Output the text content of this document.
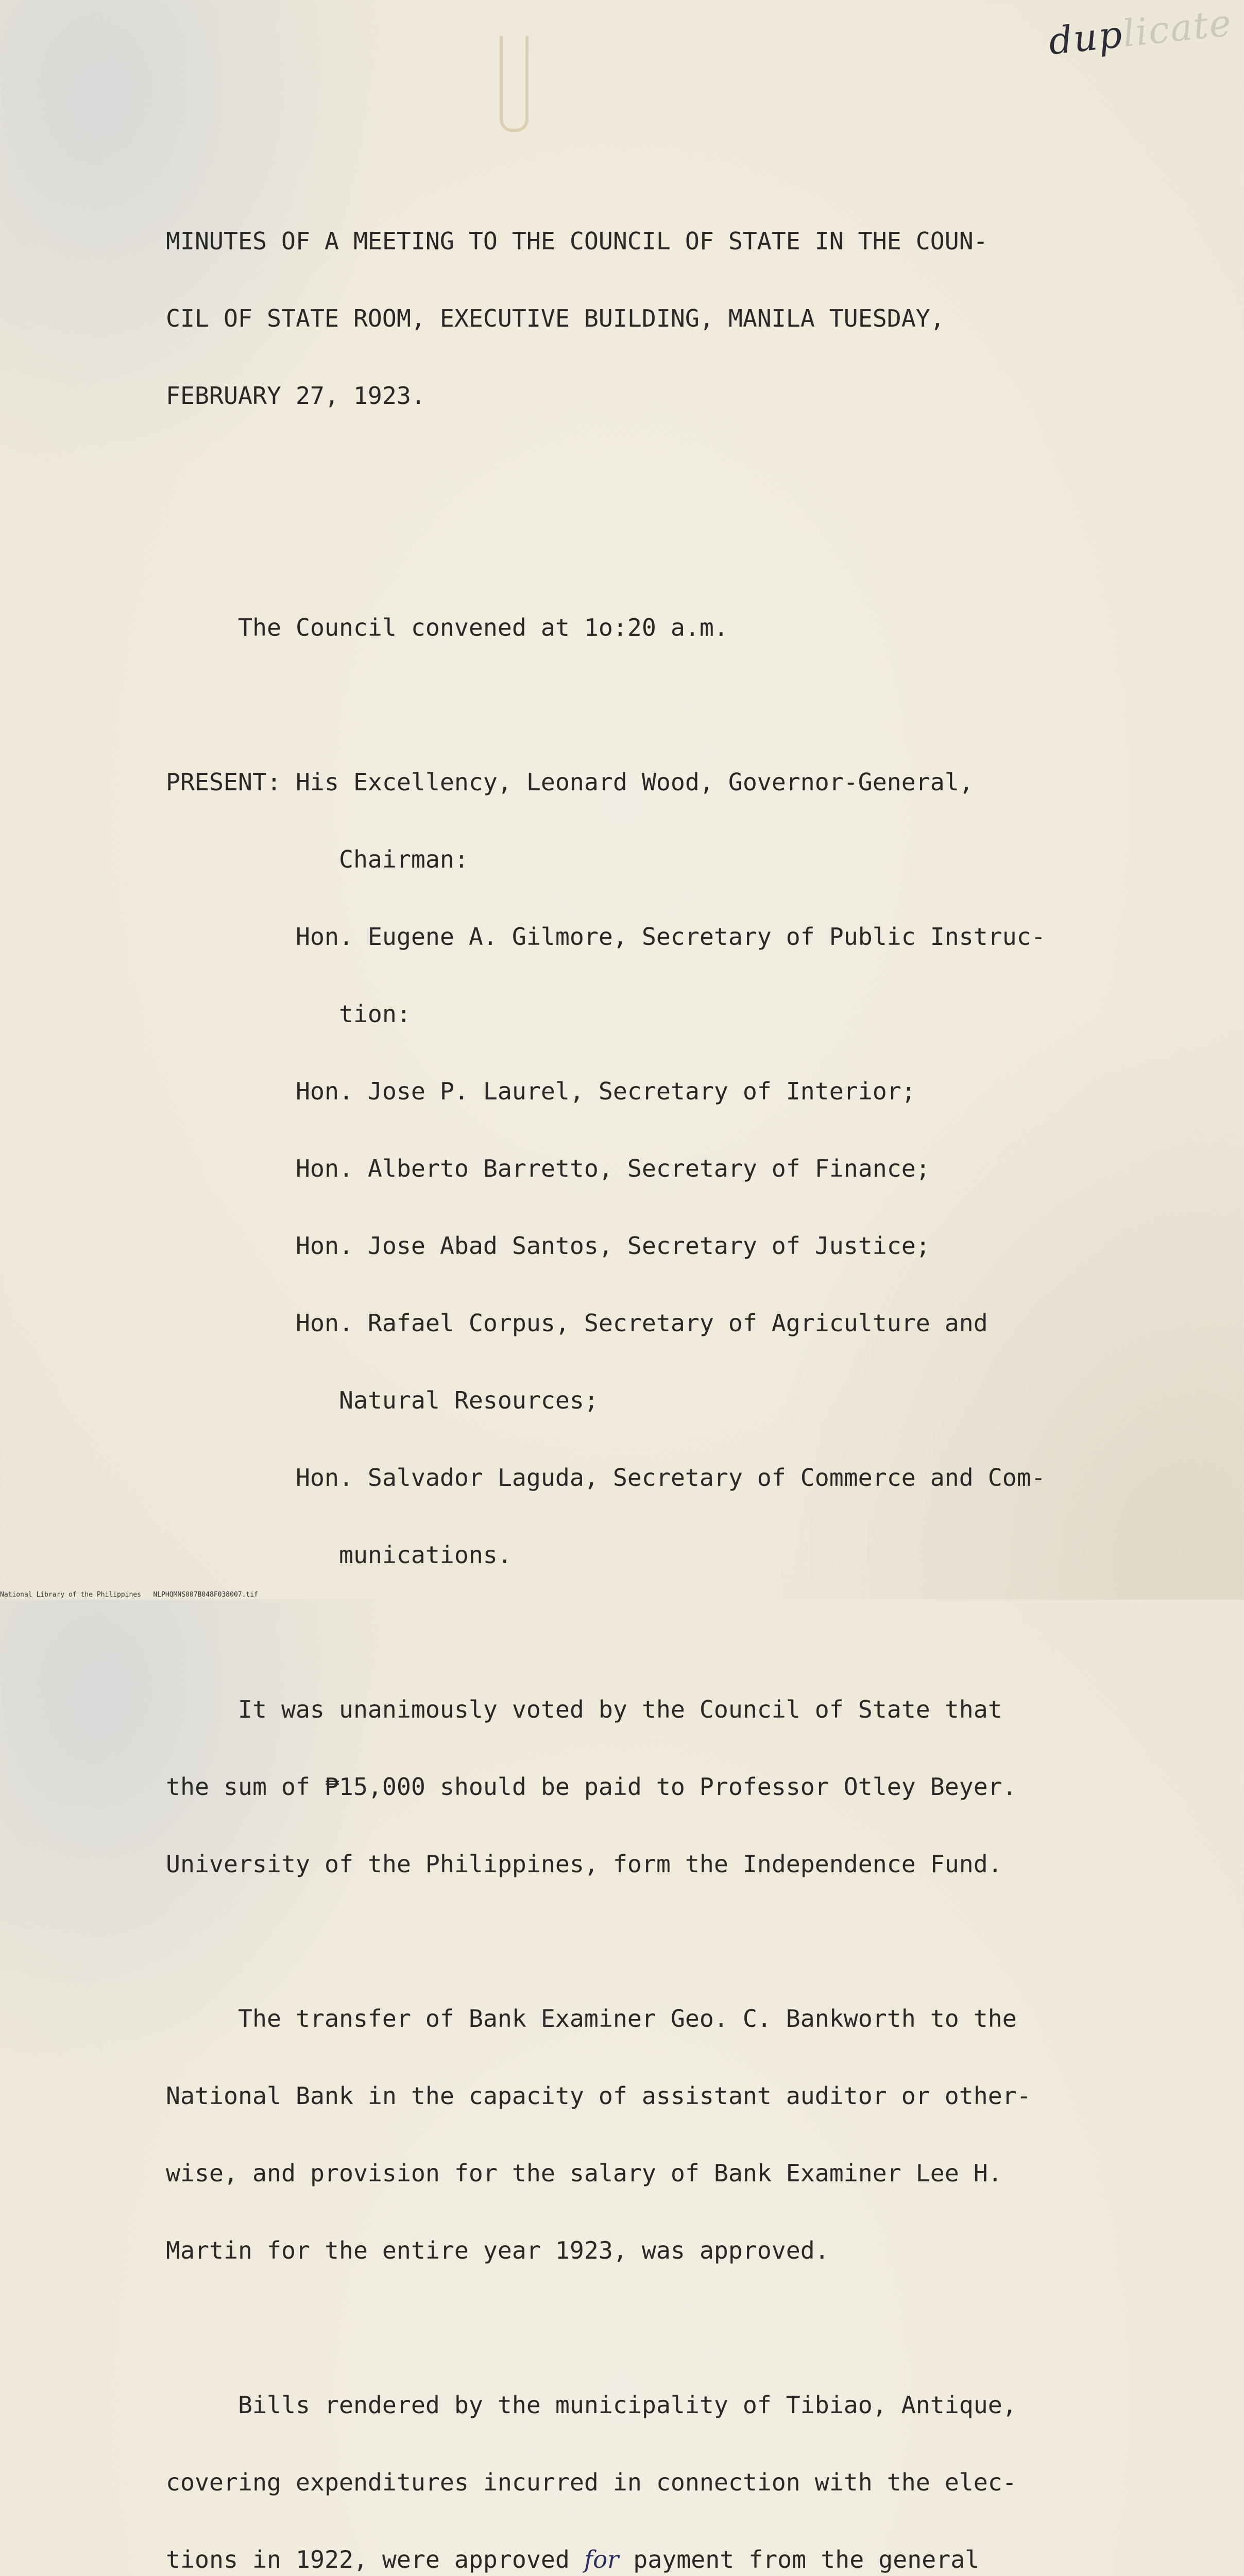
duplicate

MINUTES OF A MEETING TO THE COUNCIL OF STATE IN THE COUN-

CIL OF STATE ROOM, EXECUTIVE BUILDING, MANILA TUESDAY,

FEBRUARY 27, 1923.

The Council convened at 1o:20 a.m.

PRESENT: His Excellency, Leonard Wood, Governor-General,

Chairman:

Hon. Eugene A. Gilmore, Secretary of Public Instruc-

tion:

Hon. Jose P. Laurel, Secretary of Interior;

Hon. Alberto Barretto, Secretary of Finance;

Hon. Jose Abad Santos, Secretary of Justice;

Hon. Rafael Corpus, Secretary of Agriculture and

Natural Resources;

Hon. Salvador Laguda, Secretary of Commerce and Com-

munications.

It was unanimously voted by the Council of State that

the sum of ₱15,000 should be paid to Professor Otley Beyer.

University of the Philippines, form the Independence Fund.

The transfer of Bank Examiner Geo. C. Bankworth to the

National Bank in the capacity of assistant auditor or other-

wise, and provision for the salary of Bank Examiner Lee H.

Martin for the entire year 1923, was approved.

Bills rendered by the municipality of Tibiao, Antique,

covering expenditures incurred in connection with the elec-

tions in 1922, were approved for payment from the general

National Library of the Philippines NLPHQMNS007B048F038007.tif
